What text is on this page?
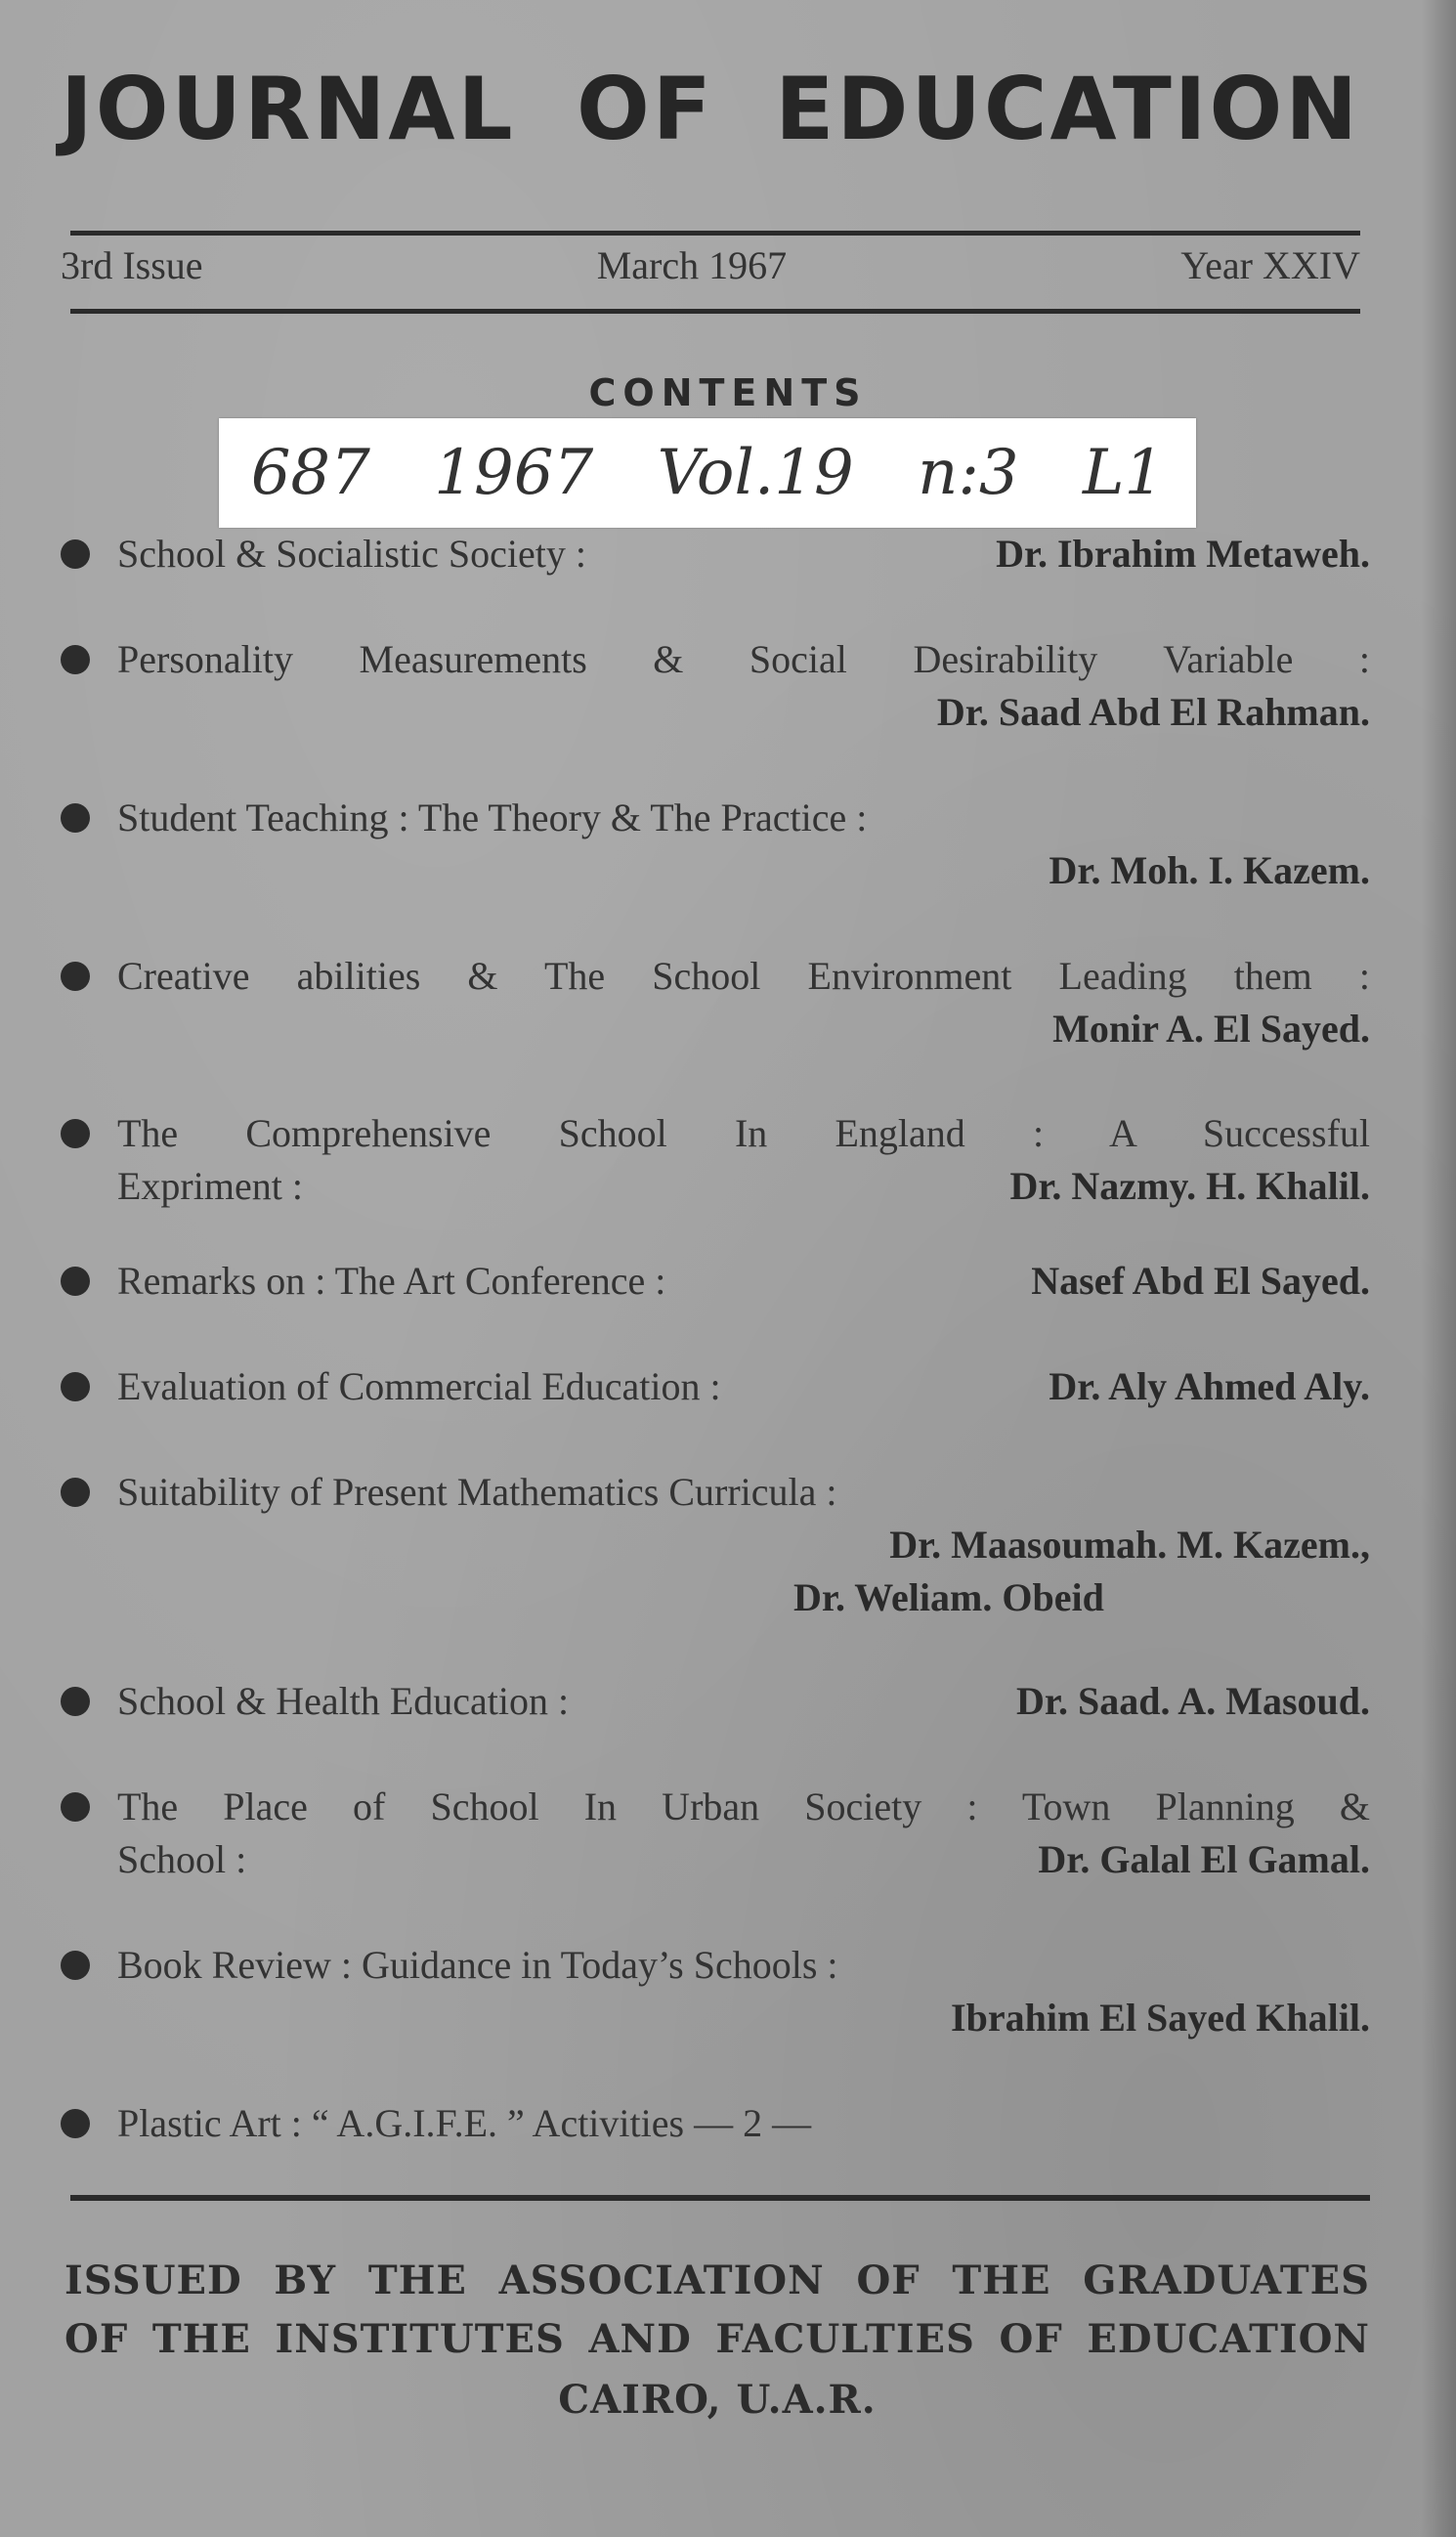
JOURNAL OF EDUCATION
3rd Issue	March 1967	Year XXIV
CONTENTS
687 1967 Vol.19 n:3 L1
School & Socialistic Society :	Dr. Ibrahim Metaweh.
Personality Measurements & Social Desirability Variable :
Dr. Saad Abd El Rahman.
Student Teaching : The Theory & The Practice :
Dr. Moh. I. Kazem.
Creative abilities & The School Environment Leading them :
Monir A. El Sayed.
The Comprehensive School In England : A Successful
Expriment :	Dr. Nazmy. H. Khalil.
Remarks on : The Art Conference :	Nasef Abd El Sayed.
Evaluation of Commercial Education :	Dr. Aly Ahmed Aly.
Suitability of Present Mathematics Curricula :
Dr. Maasoumah. M. Kazem.,
Dr. Weliam. Obeid
School & Health Education :	Dr. Saad. A. Masoud.
The Place of School In Urban Society : Town Planning &
School :	Dr. Galal El Gamal.
Book Review : Guidance in Today’s Schools :
Ibrahim El Sayed Khalil.
Plastic Art : “ A.G.I.F.E. ” Activities — 2 —
ISSUED BY THE ASSOCIATION OF THE GRADUATES
OF THE INSTITUTES AND FACULTIES OF EDUCATION
CAIRO, U.A.R.
